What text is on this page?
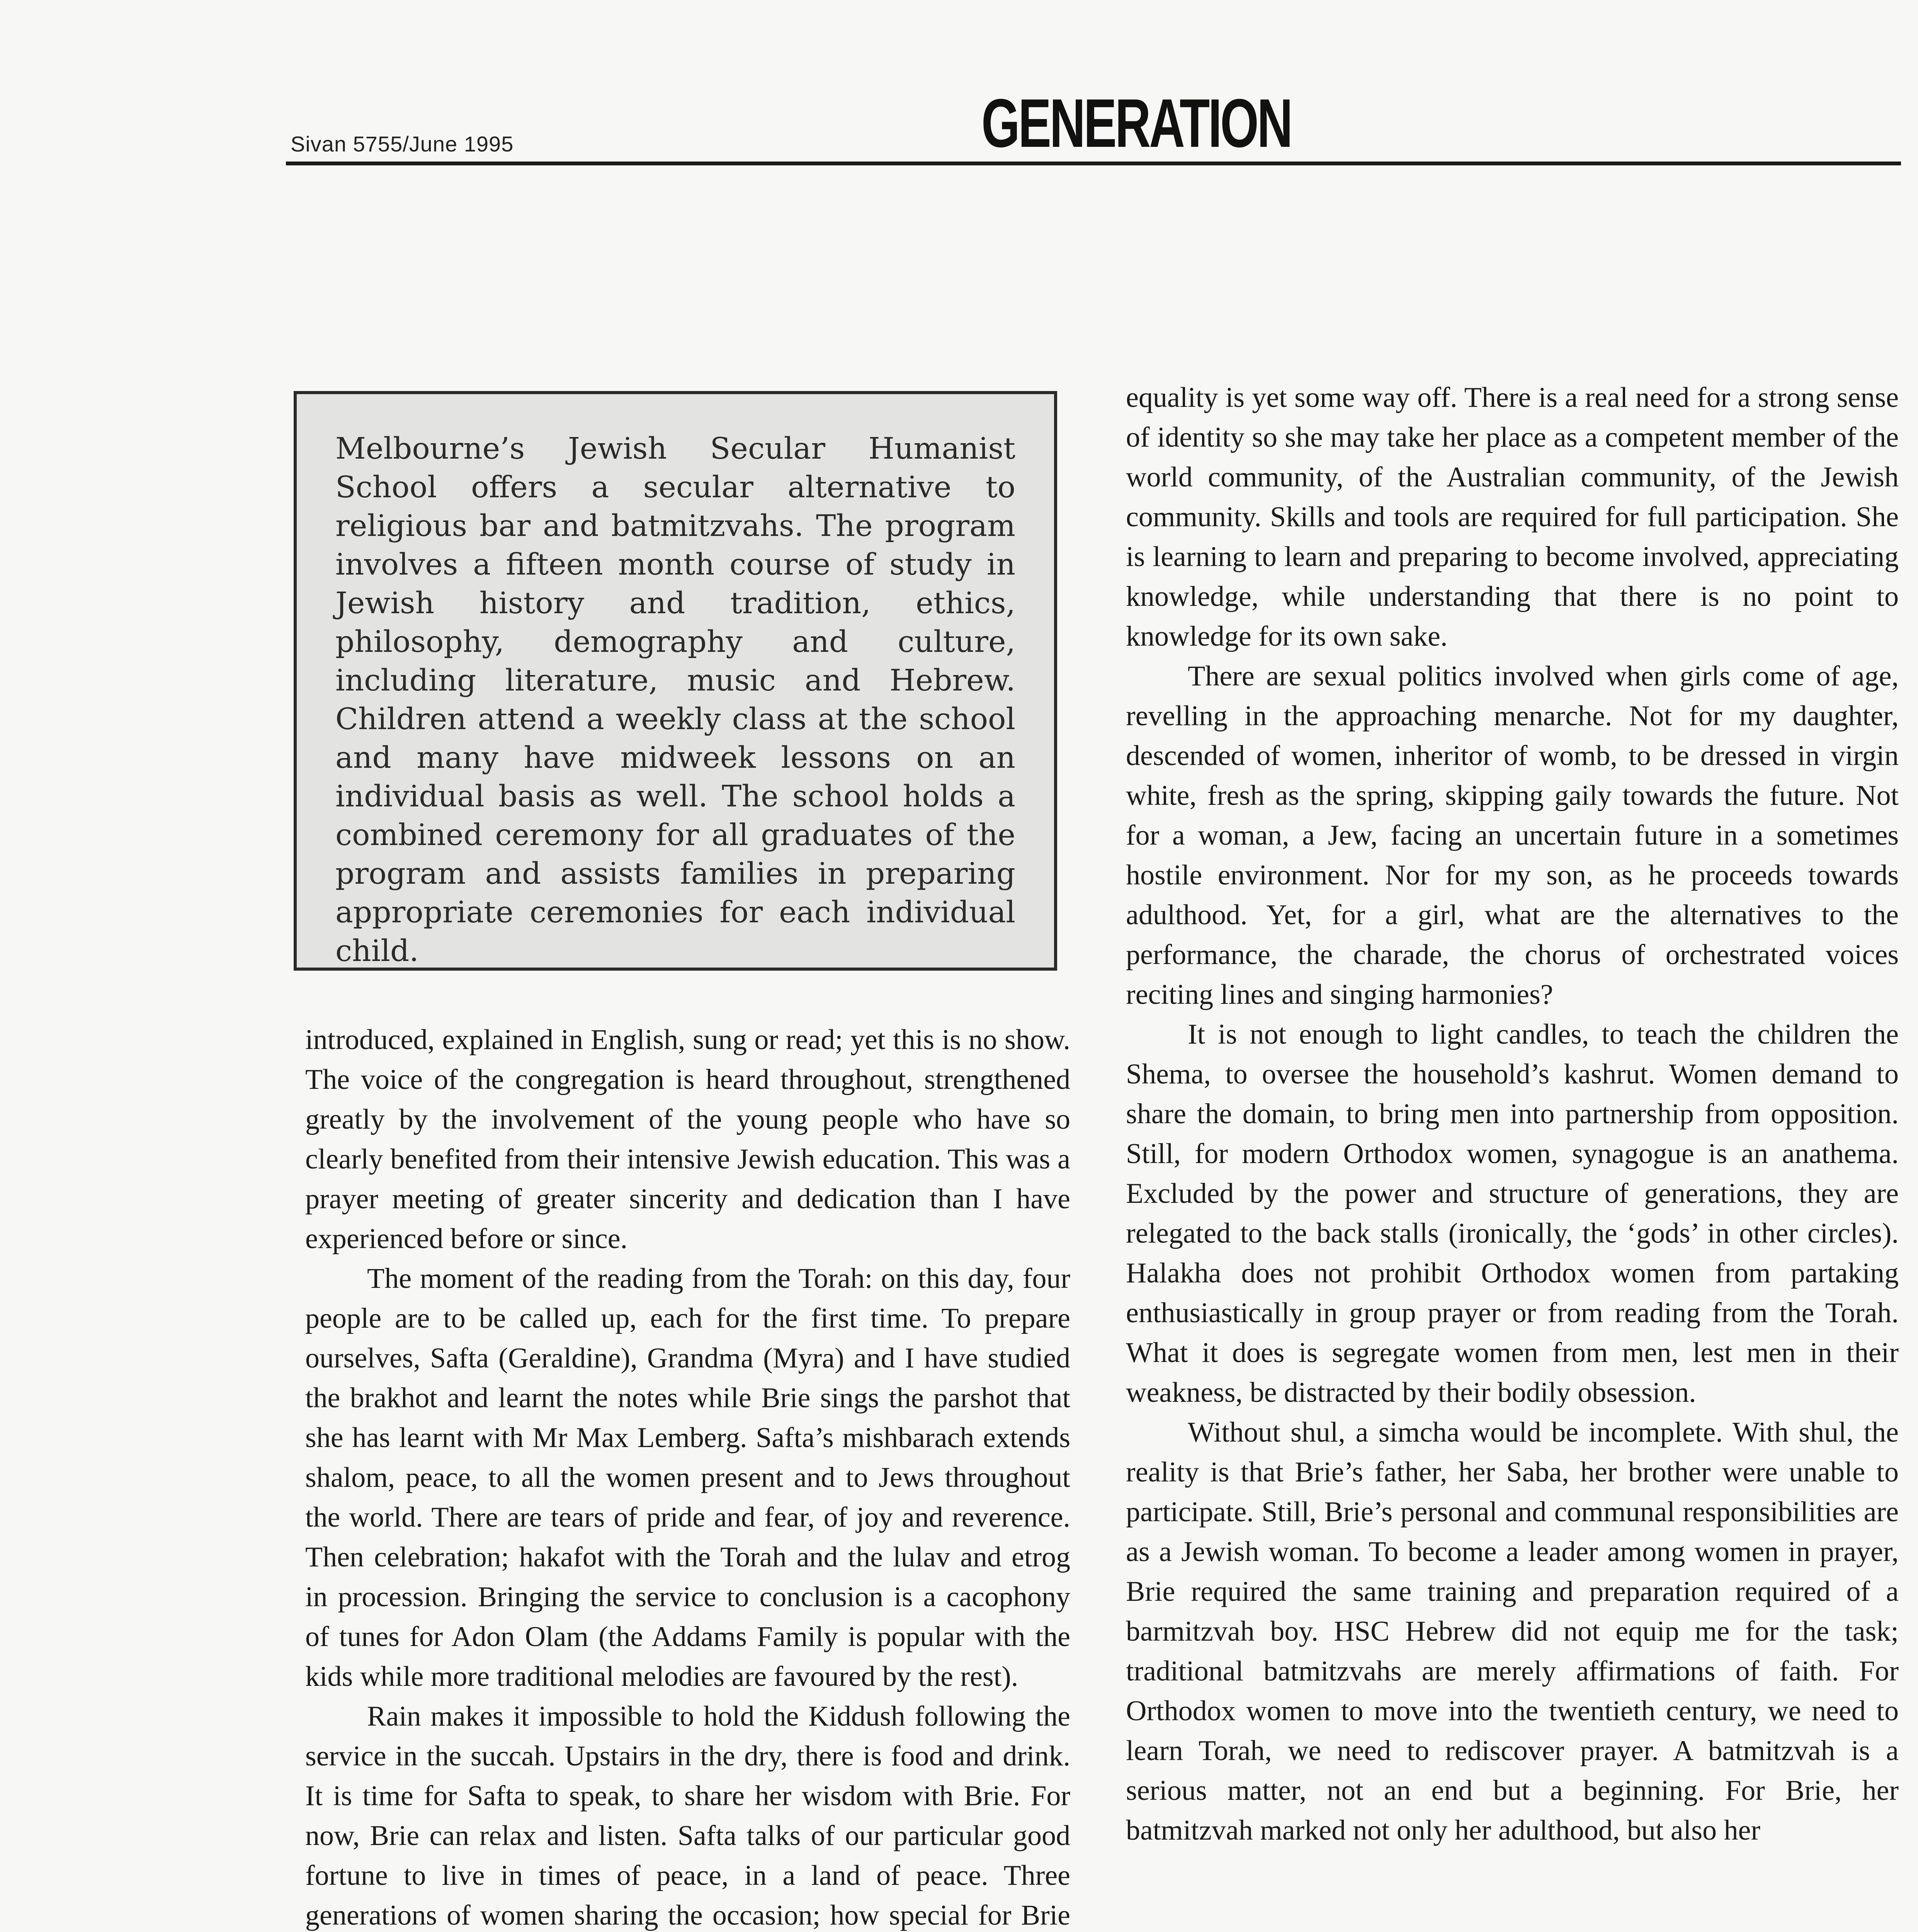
Sivan 5755/June 1995	GENERATION
Melbourne’s Jewish Secular Humanist School offers a secular alternative to religious bar and batmitzvahs. The program involves a fifteen month course of study in Jewish history and tradition, ethics, philosophy, demography and culture, including literature, music and Hebrew. Children attend a weekly class at the school and many have midweek lessons on an individual basis as well. The school holds a combined ceremony for all graduates of the program and assists families in preparing appropriate ceremonies for each individual child.

introduced, explained in English, sung or read; yet this is no show. The voice of the congregation is heard throughout, strengthened greatly by the involvement of the young people who have so clearly benefited from their intensive Jewish education. This was a prayer meeting of greater sincerity and dedication than I have experienced before or since.

The moment of the reading from the Torah: on this day, four people are to be called up, each for the first time. To prepare ourselves, Safta (Geraldine), Grandma (Myra) and I have studied the brakhot and learnt the notes while Brie sings the parshot that she has learnt with Mr Max Lemberg. Safta’s mishbarach extends shalom, peace, to all the women present and to Jews throughout the world. There are tears of pride and fear, of joy and reverence. Then celebration; hakafot with the Torah and the lulav and etrog in procession. Bringing the service to conclusion is a cacophony of tunes for Adon Olam (the Addams Family is popular with the kids while more traditional melodies are favoured by the rest).

Rain makes it impossible to hold the Kiddush following the service in the succah. Upstairs in the dry, there is food and drink. It is time for Safta to speak, to share her wisdom with Brie. For now, Brie can relax and listen. Safta talks of our particular good fortune to live in times of peace, in a land of peace. Three generations of women sharing the occasion; how special for Brie

equality is yet some way off. There is a real need for a strong sense of identity so she may take her place as a competent member of the world community, of the Australian community, of the Jewish community. Skills and tools are required for full participation. She is learning to learn and preparing to become involved, appreciating knowledge, while understanding that there is no point to knowledge for its own sake.

There are sexual politics involved when girls come of age, revelling in the approaching menarche. Not for my daughter, descended of women, inheritor of womb, to be dressed in virgin white, fresh as the spring, skipping gaily towards the future. Not for a woman, a Jew, facing an uncertain future in a sometimes hostile environment. Nor for my son, as he proceeds towards adulthood. Yet, for a girl, what are the alternatives to the performance, the charade, the chorus of orchestrated voices reciting lines and singing harmonies?

It is not enough to light candles, to teach the children the Shema, to oversee the household’s kashrut. Women demand to share the domain, to bring men into partnership from opposition. Still, for modern Orthodox women, synagogue is an anathema. Excluded by the power and structure of generations, they are relegated to the back stalls (ironically, the ‘gods’ in other circles). Halakha does not prohibit Orthodox women from partaking enthusiastically in group prayer or from reading from the Torah. What it does is segregate women from men, lest men in their weakness, be distracted by their bodily obsession.

Without shul, a simcha would be incomplete. With shul, the reality is that Brie’s father, her Saba, her brother were unable to participate. Still, Brie’s personal and communal responsibilities are as a Jewish woman. To become a leader among women in prayer, Brie required the same training and preparation required of a barmitzvah boy. HSC Hebrew did not equip me for the task; traditional batmitzvahs are merely affirmations of faith. For Orthodox women to move into the twentieth century, we need to learn Torah, we need to rediscover prayer. A batmitzvah is a serious matter, not an end but a beginning. For Brie, her batmitzvah marked not only her adulthood, but also her
